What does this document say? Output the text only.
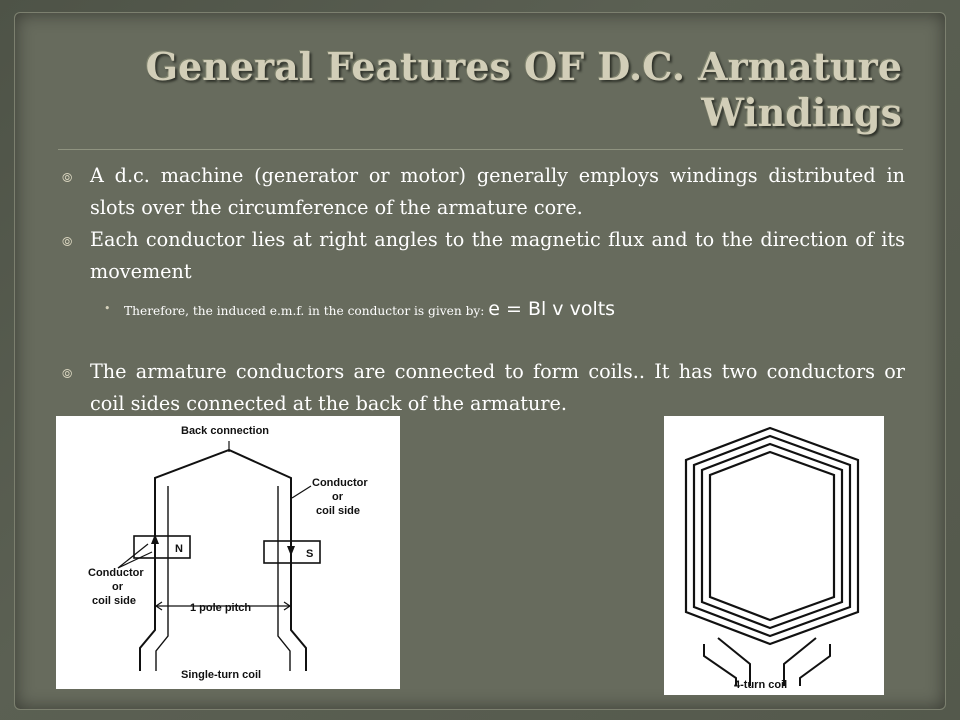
General Features OF D.C. Armature Windings

⦾ A d.c. machine (generator or motor) generally employs windings distributed in slots over the circumference of the armature core.

⦾ Each conductor lies at right angles to the magnetic flux and to the direction of its movement

• Therefore, the induced e.m.f. in the conductor is given by: e = Bl v volts

⦾ The armature conductors are connected to form coils.. It has two conductors or coil sides connected at the back of the armature.

Back connection
Conductor
or
coil side
N	S
Conductor
or
coil side
1 pole pitch
Single-turn coil
4-turn coil
